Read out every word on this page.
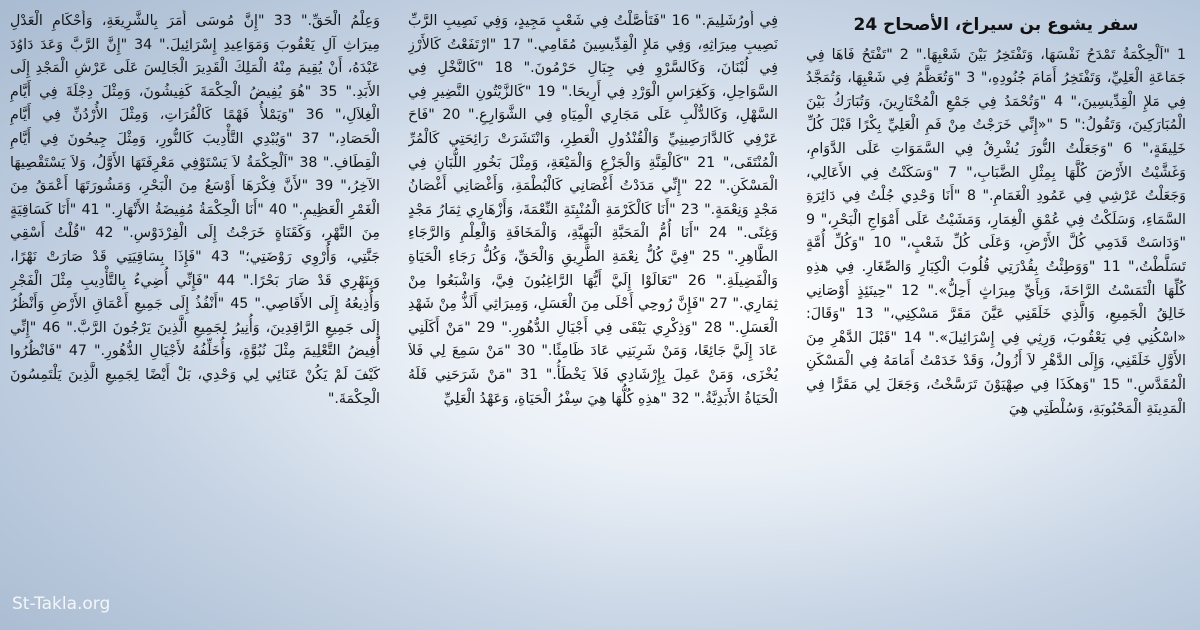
وَعِلْمُ الْحَقِّ." 33 "إِنَّ مُوسَى أَمَرَ بِالشَّرِيعَةِ، وَأَحْكَامِ الْعَدْلِ مِيرَاثِ آلِ يَعْقُوبَ وَمَوَاعِيدِ إِسْرَائِيلَ." 34 "إِنَّ الرَّبَّ وَعَدَ دَاوُدَ عَبْدَهُ، أَنْ يُقِيمَ مِنْهُ الْمَلِكَ الْقَدِيرَ الْجَالِسَ عَلَى عَرْشِ الْمَجْدِ إِلَى الأَبَدِ." 35 "هُوَ يُفِيضُ الْحِكْمَةَ كَفِيشُونَ، وَمِثْلَ دِجْلَةَ فِي أَيَّامِ الْغِلاَلِ،" 36 "وَيَمْلأُ فَهْمًا كَالْفُرَاتِ، وَمِثْلَ الأُرْدُنِّ فِي أَيَّامِ الْحَصَادِ،" 37 "وَيُبْدِي التَّأْدِيبَ كَالنُّورِ، وَمِثْلَ جِيحُونَ فِي أَيَّامِ الْقِطَافِ." 38 "اَلْحِكْمَةُ لاَ يَسْتَوْفِي مَعْرِفَتَهَا الأَوَّلُ، وَلاَ يَسْتَقْصِيهَا الآخِرُ،" 39 "لأَنَّ فِكْرَهَا أَوْسَعُ مِنَ الْبَحْرِ، وَمَشُورَتَهَا أَعْمَقُ مِنَ الْغَمْرِ الْعَظِيمِ." 40 "أَنَا الْحِكْمَةُ مُفِيضَةُ الأَنْهَارِ." 41 "أَنَا كَسَاقِيَةٍ مِنَ النَّهْرِ، وَكَقَنَاةٍ خَرَجْتُ إِلَى الْفِرْدَوْسِ." 42 "قُلْتُ أَسْقِي جَنَّتِي، وَأُرْوِي رَوْضَتِي؛" 43 "فَإِذَا بِسَاقِيَتِي قَدْ صَارَتْ نَهْرًا، وَبِنَهْرِي قَدْ صَارَ بَحْرًا." 44 "فَإِنِّي أُضِيءُ بِالتَّأْدِيبِ مِثْلَ الْفَجْرِ وَأُذِيعُهُ إِلَى الأَقَاصِي." 45 "أَنْفُذُ إِلَى جَمِيعِ أَعْمَاقِ الأَرْضِ وَأَنْظُرُ إِلَى جَمِيعِ الرَّاقِدِينَ، وَأُنِيرُ لِجَمِيعِ الَّذِينَ يَرْجُونَ الرَّبَّ." 46 "إِنِّي أُفِيضُ التَّعْلِيمَ مِثْلَ نُبُوَّةٍ، وَأُخَلِّفُهُ لأَجْيَالِ الدُّهُورِ." 47 "فَانْظُرُوا كَيْفَ لَمْ يَكُنْ عَنَائِي لِي وَحْدِي، بَلْ أَيْضًا لِجَمِيعِ الَّذِينَ يَلْتَمِسُونَ الْحِكْمَةَ."
فِي أُورُشَلِيمَ." 16 "فَتَأَصَّلْتُ فِي شَعْبٍ مَجِيدٍ، وَفِي نَصِيبِ الرَّبِّ نَصِيبِ مِيرَاثِهِ، وَفِي مَلإِ الْقِدِّيسِينَ مُقَامِي." 17 "ارْتَفَعْتُ كَالأَرْزِ فِي لُبْنَانَ، وَكَالسَّرْوِ فِي جِبَالِ حَرْمُونَ." 18 "كَالنَّخْلِ فِي السَّوَاحِلِ، وَكَغِرَاسِ الْوَرْدِ فِي أَرِيحَا." 19 "كَالزَّيْتُونِ النَّضِيرِ فِي السَّهْلِ، وَكَالدُّلْبِ عَلَى مَجَارِي الْمِيَاهِ فِي الشَّوَارِعِ." 20 "فَاحَ عَرْفِي كَالدَّارَصِينِيِّ وَالْقُنْدُولِ الْعَطِرِ، وَانْتَشَرَتْ رَائِحَتِي كَالْمُرِّ الْمُنْتَقَى،" 21 "كَالْقِنَّةِ وَالْجَزْعِ وَالْمَيْعَةِ، وَمِثْلَ بَخُورِ اللُّبَانِ فِي الْمَسْكَنِ." 22 "إِنِّي مَدَدْتُ أَغْصَانِي كَالْبُطْمَةِ، وَأَغْصَانِي أَغْصَانُ مَجْدٍ وَنِعْمَةٍ." 23 "أَنَا كَالْكَرْمَةِ الْمُنْبِتَةِ النِّعْمَةَ، وَأَزْهَارِي ثِمَارُ مَجْدٍ وَغِنًى." 24 "أَنَا أُمُّ الْمَحَبَّةِ الْبَهِيَّةِ، وَالْمَخَافَةِ وَالْعِلْمِ وَالرَّجَاءِ الطَّاهِرِ." 25 "فِيَّ كُلُّ نِعْمَةِ الطَّرِيقِ وَالْحَقِّ، وَكُلُّ رَجَاءِ الْحَيَاةِ وَالْفَضِيلَةِ." 26 "تَعَالَوْا إِلَيَّ أَيُّهَا الرَّاغِبُونَ فِيَّ، وَاشْبَعُوا مِنْ ثِمَارِي." 27 "فَإِنَّ رُوحِي أَحْلَى مِنَ الْعَسَلِ، وَمِيرَاثِي أَلَذُّ مِنْ شَهْدِ الْعَسَلِ." 28 "وَذِكْرِي يَبْقَى فِي أَجْيَالِ الدُّهُورِ." 29 "مَنْ أَكَلَنِي عَادَ إِلَيَّ جَائِعًا، وَمَنْ شَرِبَنِي عَادَ ظَامِئًا." 30 "مَنْ سَمِعَ لِي فَلاَ يُخْزَى، وَمَنْ عَمِلَ بِإِرْشَادِي فَلاَ يَخْطَأُ." 31 "مَنْ شَرَحَنِي فَلَهُ الْحَيَاةُ الأَبَدِيَّةُ." 32 "هذِهِ كُلُّهَا هِيَ سِفْرُ الْحَيَاةِ، وَعَهْدُ الْعَلِيِّ
سفر يشوع بن سيراخ، الأصحاح 24
1 "اَلْحِكْمَةُ تَمْدَحُ نَفْسَهَا، وَتَفْتَخِرُ بَيْنَ شَعْبِهَا." 2 "تَفْتَحُ فَاهَا فِي جَمَاعَةِ الْعَلِيِّ، وَتَفْتَخِرُ أَمَامَ جُنُودِهِ،" 3 "وَتُعَظَّمُ فِي شَعْبِهَا، وَتُمَجَّدُ فِي مَلإِ الْقِدِّيسِينَ،" 4 "وَتُحْمَدُ فِي جَمْعِ الْمُخْتَارِينَ، وَتُبَارَكُ بَيْنَ الْمُبَارَكِينَ، وَتَقُولُ:" 5 "«إِنِّي خَرَجْتُ مِنْ فَمِ الْعَلِيِّ بِكْرًا قَبْلَ كُلِّ خَلِيقَةٍ،" 6 "وَجَعَلْتُ النُّورَ يُشْرِقُ فِي السَّمَوَاتِ عَلَى الدَّوَامِ، وَغَشَّيْتُ الأَرْضَ كُلَّهَا بِمِثْلِ الضَّبَابِ،" 7 "وَسَكَنْتُ فِي الأَعَالِي، وَجَعَلْتُ عَرْشِي فِي عَمُودِ الْغَمَامِ." 8 "أَنَا وَحْدِي جُلْتُ فِي دَائِرَةِ السَّمَاءِ، وَسَلَكْتُ فِي عُمْقِ الْغِمَارِ، وَمَشَيْتُ عَلَى أَمْوَاجِ الْبَحْرِ،" 9 "وَدَاسَتْ قَدَمِي كُلَّ الأَرْضِ، وَعَلَى كُلِّ شَعْبٍ،" 10 "وَكُلِّ أُمَّةٍ تَسَلَّطْتُ،" 11 "وَوَطِئْتُ بِقُدْرَتِي قُلُوبَ الْكِبَارِ وَالصِّغَارِ. فِي هذِهِ كُلِّهَا الْتَمَسْتُ الرَّاحَةَ، وَبِأَيِّ مِيرَاثٍ أَحِلُّ»." 12 "حِينَئِذٍ أَوْصَانِي خَالِقُ الْجَمِيعِ، وَالَّذِي خَلَقَنِي عَيَّنَ مَقَرَّ مَسْكِنِي،" 13 "وَقَالَ: «اسْكُنِي فِي يَعْقُوبَ، وَرِثِي فِي إِسْرَائِيلَ»." 14 "قَبْلَ الدَّهْرِ مِنَ الأَوَّلِ خَلَقَنِي، وَإِلَى الدَّهْرِ لاَ أَزُولُ، وَقَدْ خَدَمْتُ أَمَامَهُ فِي الْمَسْكَنِ الْمُقَدَّسِ." 15 "وَهكَذَا فِي صِهْيَوْنَ تَرَسَّخْتُ، وَجَعَلَ لِي مَقَرًّا فِي الْمَدِينَةِ الْمَحْبُوبَةِ، وَسُلْطَتِي هِيَ
St-Takla.org
